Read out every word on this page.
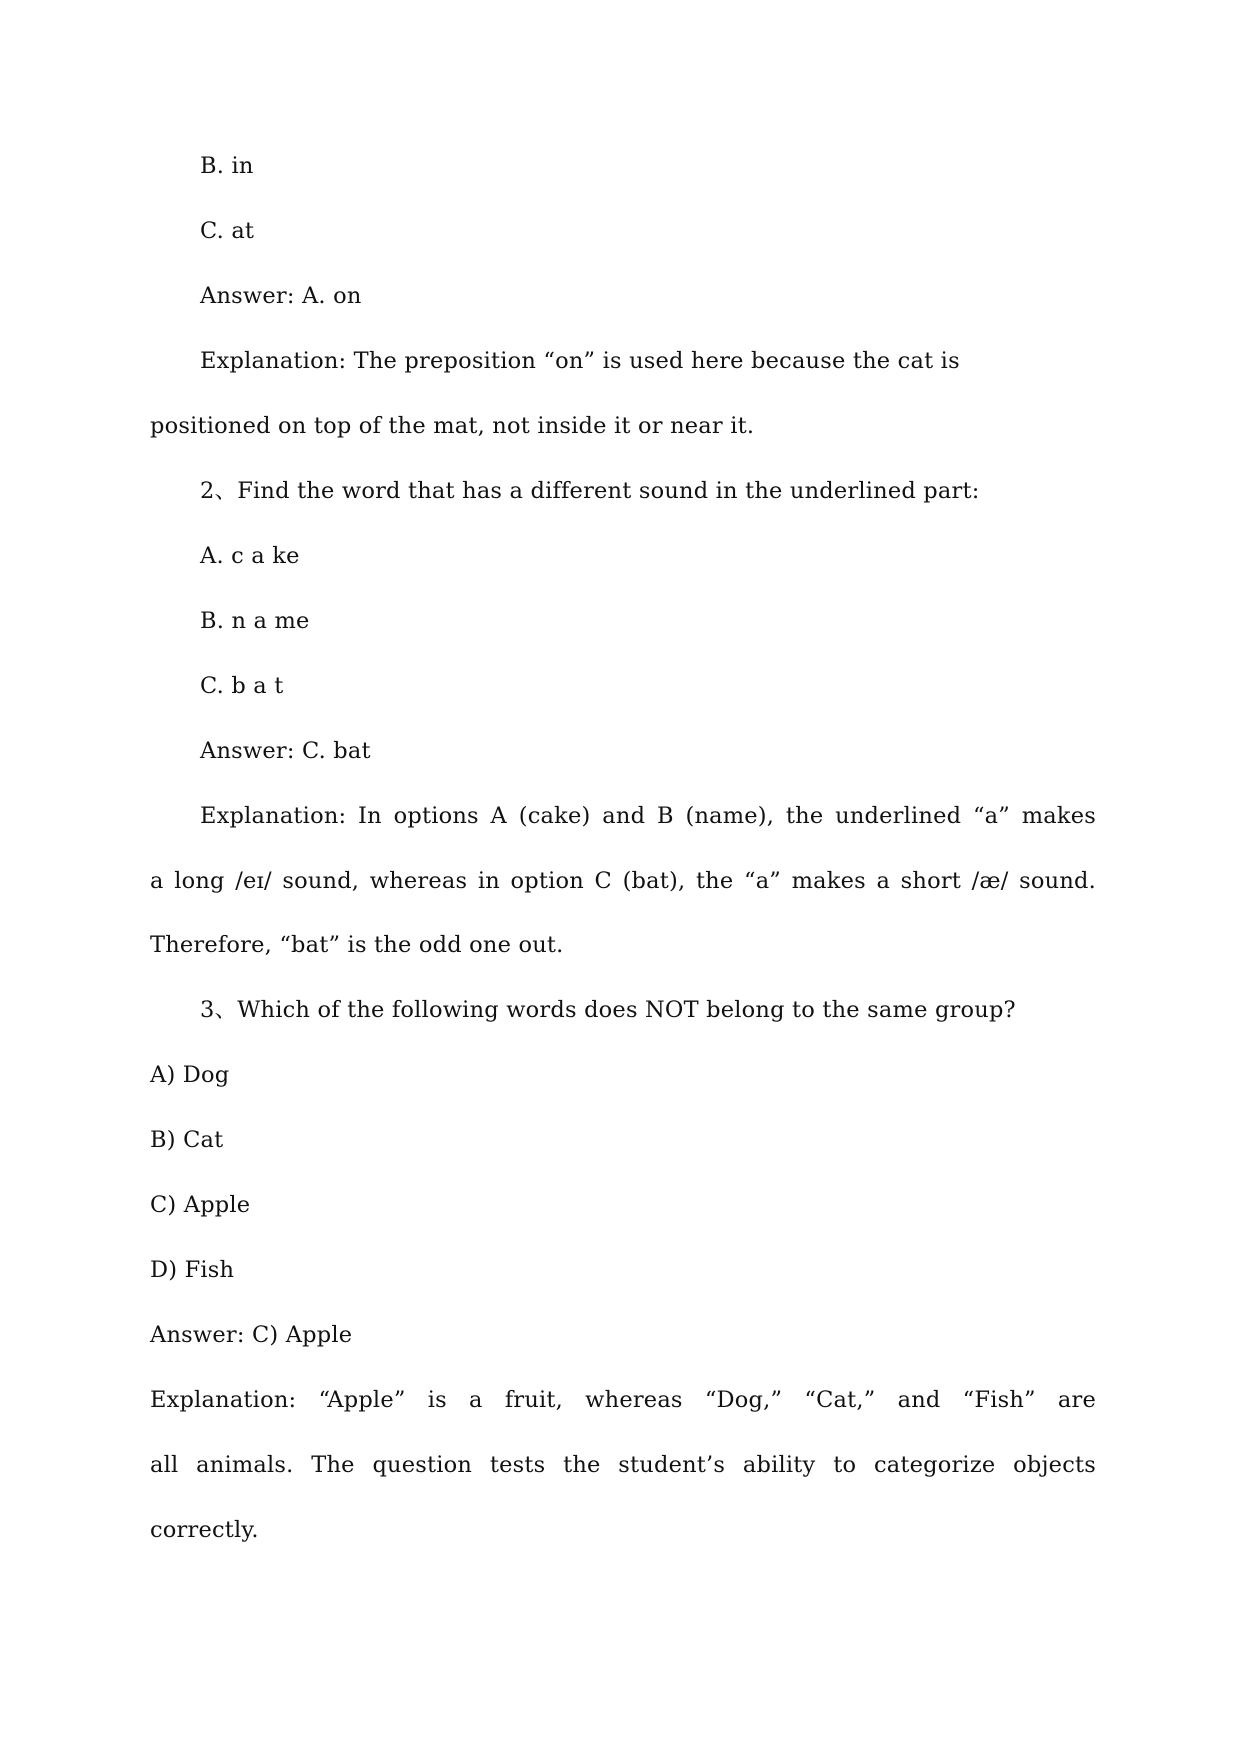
B. in
C. at
Answer: A. on
Explanation: The preposition “on” is used here because the cat is
positioned on top of the mat, not inside it or near it.
2、Find the word that has a different sound in the underlined part:
A. c a ke
B. n a me
C. b a t
Answer: C. bat
Explanation: In options A (cake) and B (name), the underlined “a” makes
a long /eɪ/ sound, whereas in option C (bat), the “a” makes a short /æ/ sound.
Therefore, “bat” is the odd one out.
3、Which of the following words does NOT belong to the same group?
A) Dog
B) Cat
C) Apple
D) Fish
Answer: C) Apple
Explanation: “Apple” is a fruit, whereas “Dog,” “Cat,” and “Fish” are
all animals. The question tests the student’s ability to categorize objects
correctly.
